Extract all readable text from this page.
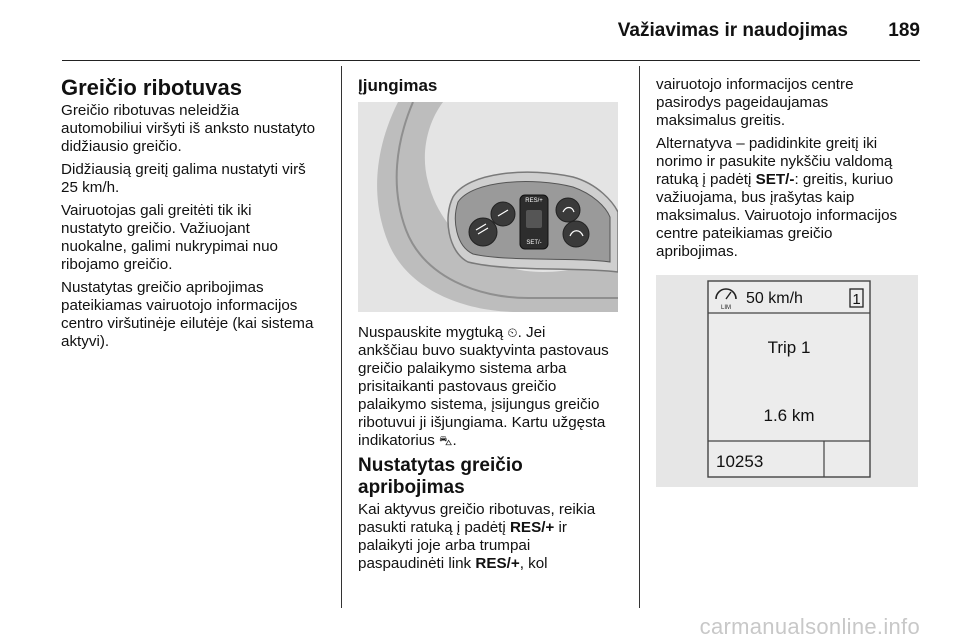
Važiavimas ir naudojimas 189
Greičio ribotuvas

Greičio ribotuvas neleidžia
automobiliui viršyti iš anksto nustatyto
didžiausio greičio.

Didžiausią greitį galima nustatyti virš
25 km/h.

Vairuotojas gali greitėti tik iki
nustatyto greičio. Važiuojant
nuokalne, galimi nukrypimai nuo
ribojamo greičio.

Nustatytas greičio apribojimas
pateikiamas vairuotojo informacijos
centro viršutinėje eilutėje (kai sistema
aktyvi).

Įjungimas
RES/+
SET/-

Nuspauskite mygtuką ⏲. Jei
ankščiau buvo suaktyvinta pastovaus
greičio palaikymo sistema arba
prisitaikanti pastovaus greičio
palaikymo sistema, įsijungus greičio
ribotuvui ji išjungiama. Kartu užgęsta
indikatorius ⛍.

Nustatytas greičio apribojimas

Kai aktyvus greičio ribotuvas, reikia
pasukti ratuką į padėtį RES/+ ir
palaikyti joje arba trumpai
paspaudinėti link RES/+, kol

vairuotojo informacijos centre
pasirodys pageidaujamas
maksimalus greitis.

Alternatyva – padidinkite greitį iki
norimo ir pasukite nykščiu valdomą
ratuką į padėtį SET/-: greitis, kuriuo
važiuojama, bus įrašytas kaip
maksimalus. Vairuotojo informacijos
centre pateikiamas greičio
apribojimas.

LIM
50 km/h	1
Trip 1
1.6 km
10253
carmanualsonline.info
